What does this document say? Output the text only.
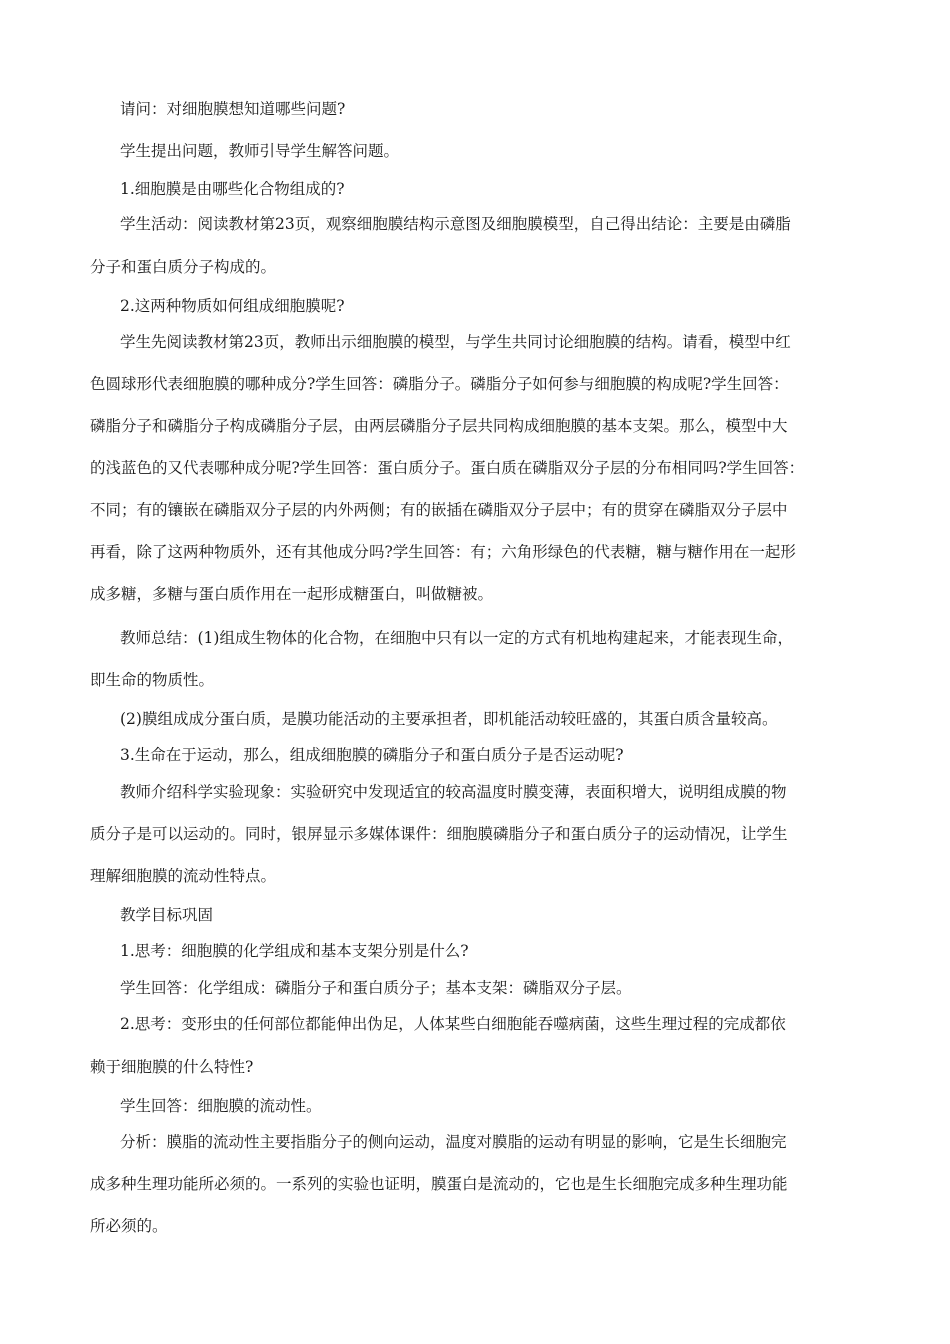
请问：对细胞膜想知道哪些问题?

学生提出问题，教师引导学生解答问题。

1.细胞膜是由哪些化合物组成的?

学生活动：阅读教材第23页，观察细胞膜结构示意图及细胞膜模型，自己得出结论：主要是由磷脂

分子和蛋白质分子构成的。

2.这两种物质如何组成细胞膜呢?

学生先阅读教材第23页，教师出示细胞膜的模型，与学生共同讨论细胞膜的结构。请看，模型中红

色圆球形代表细胞膜的哪种成分?学生回答：磷脂分子。磷脂分子如何参与细胞膜的构成呢?学生回答：

磷脂分子和磷脂分子构成磷脂分子层，由两层磷脂分子层共同构成细胞膜的基本支架。那么，模型中大

的浅蓝色的又代表哪种成分呢?学生回答：蛋白质分子。蛋白质在磷脂双分子层的分布相同吗?学生回答：

不同；有的镶嵌在磷脂双分子层的内外两侧；有的嵌插在磷脂双分子层中；有的贯穿在磷脂双分子层中

再看，除了这两种物质外，还有其他成分吗?学生回答：有；六角形绿色的代表糖，糖与糖作用在一起形

成多糖，多糖与蛋白质作用在一起形成糖蛋白，叫做糖被。

教师总结：(1)组成生物体的化合物，在细胞中只有以一定的方式有机地构建起来，才能表现生命，

即生命的物质性。

(2)膜组成成分蛋白质，是膜功能活动的主要承担者，即机能活动较旺盛的，其蛋白质含量较高。

3.生命在于运动，那么，组成细胞膜的磷脂分子和蛋白质分子是否运动呢?

教师介绍科学实验现象：实验研究中发现适宜的较高温度时膜变薄，表面积增大，说明组成膜的物

质分子是可以运动的。同时，银屏显示多媒体课件：细胞膜磷脂分子和蛋白质分子的运动情况，让学生

理解细胞膜的流动性特点。

教学目标巩固

1.思考：细胞膜的化学组成和基本支架分别是什么?

学生回答：化学组成：磷脂分子和蛋白质分子；基本支架：磷脂双分子层。

2.思考：变形虫的任何部位都能伸出伪足，人体某些白细胞能吞噬病菌，这些生理过程的完成都依

赖于细胞膜的什么特性?

学生回答：细胞膜的流动性。

分析：膜脂的流动性主要指脂分子的侧向运动，温度对膜脂的运动有明显的影响，它是生长细胞完

成多种生理功能所必须的。一系列的实验也证明，膜蛋白是流动的，它也是生长细胞完成多种生理功能

所必须的。
